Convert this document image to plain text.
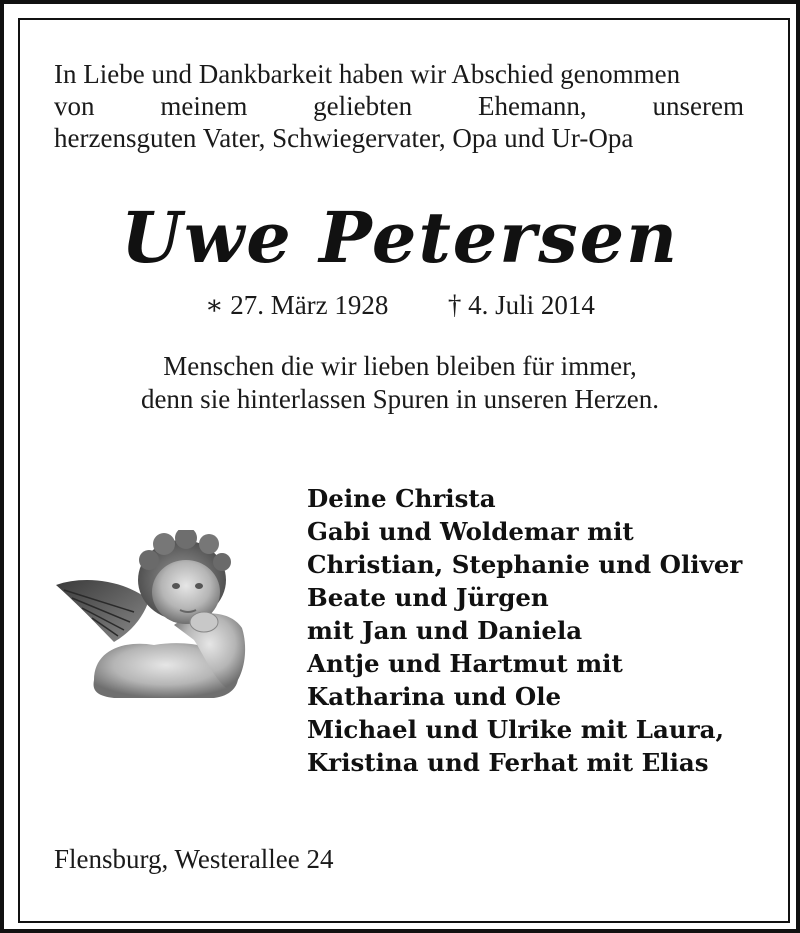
In Liebe und Dankbarkeit haben wir Abschied genommen
von meinem geliebten Ehemann, unserem
herzensguten Vater, Schwiegervater, Opa und Ur-Opa

Uwe Petersen
∗ 27. März 1928 † 4. Juli 2014

Menschen die wir lieben bleiben für immer,
denn sie hinterlassen Spuren in unseren Herzen.

Deine Christa
Gabi und Woldemar mit
Christian, Stephanie und Oliver
Beate und Jürgen
mit Jan und Daniela
Antje und Hartmut mit
Katharina und Ole
Michael und Ulrike mit Laura,
Kristina und Ferhat mit Elias
Flensburg, Westerallee 24
